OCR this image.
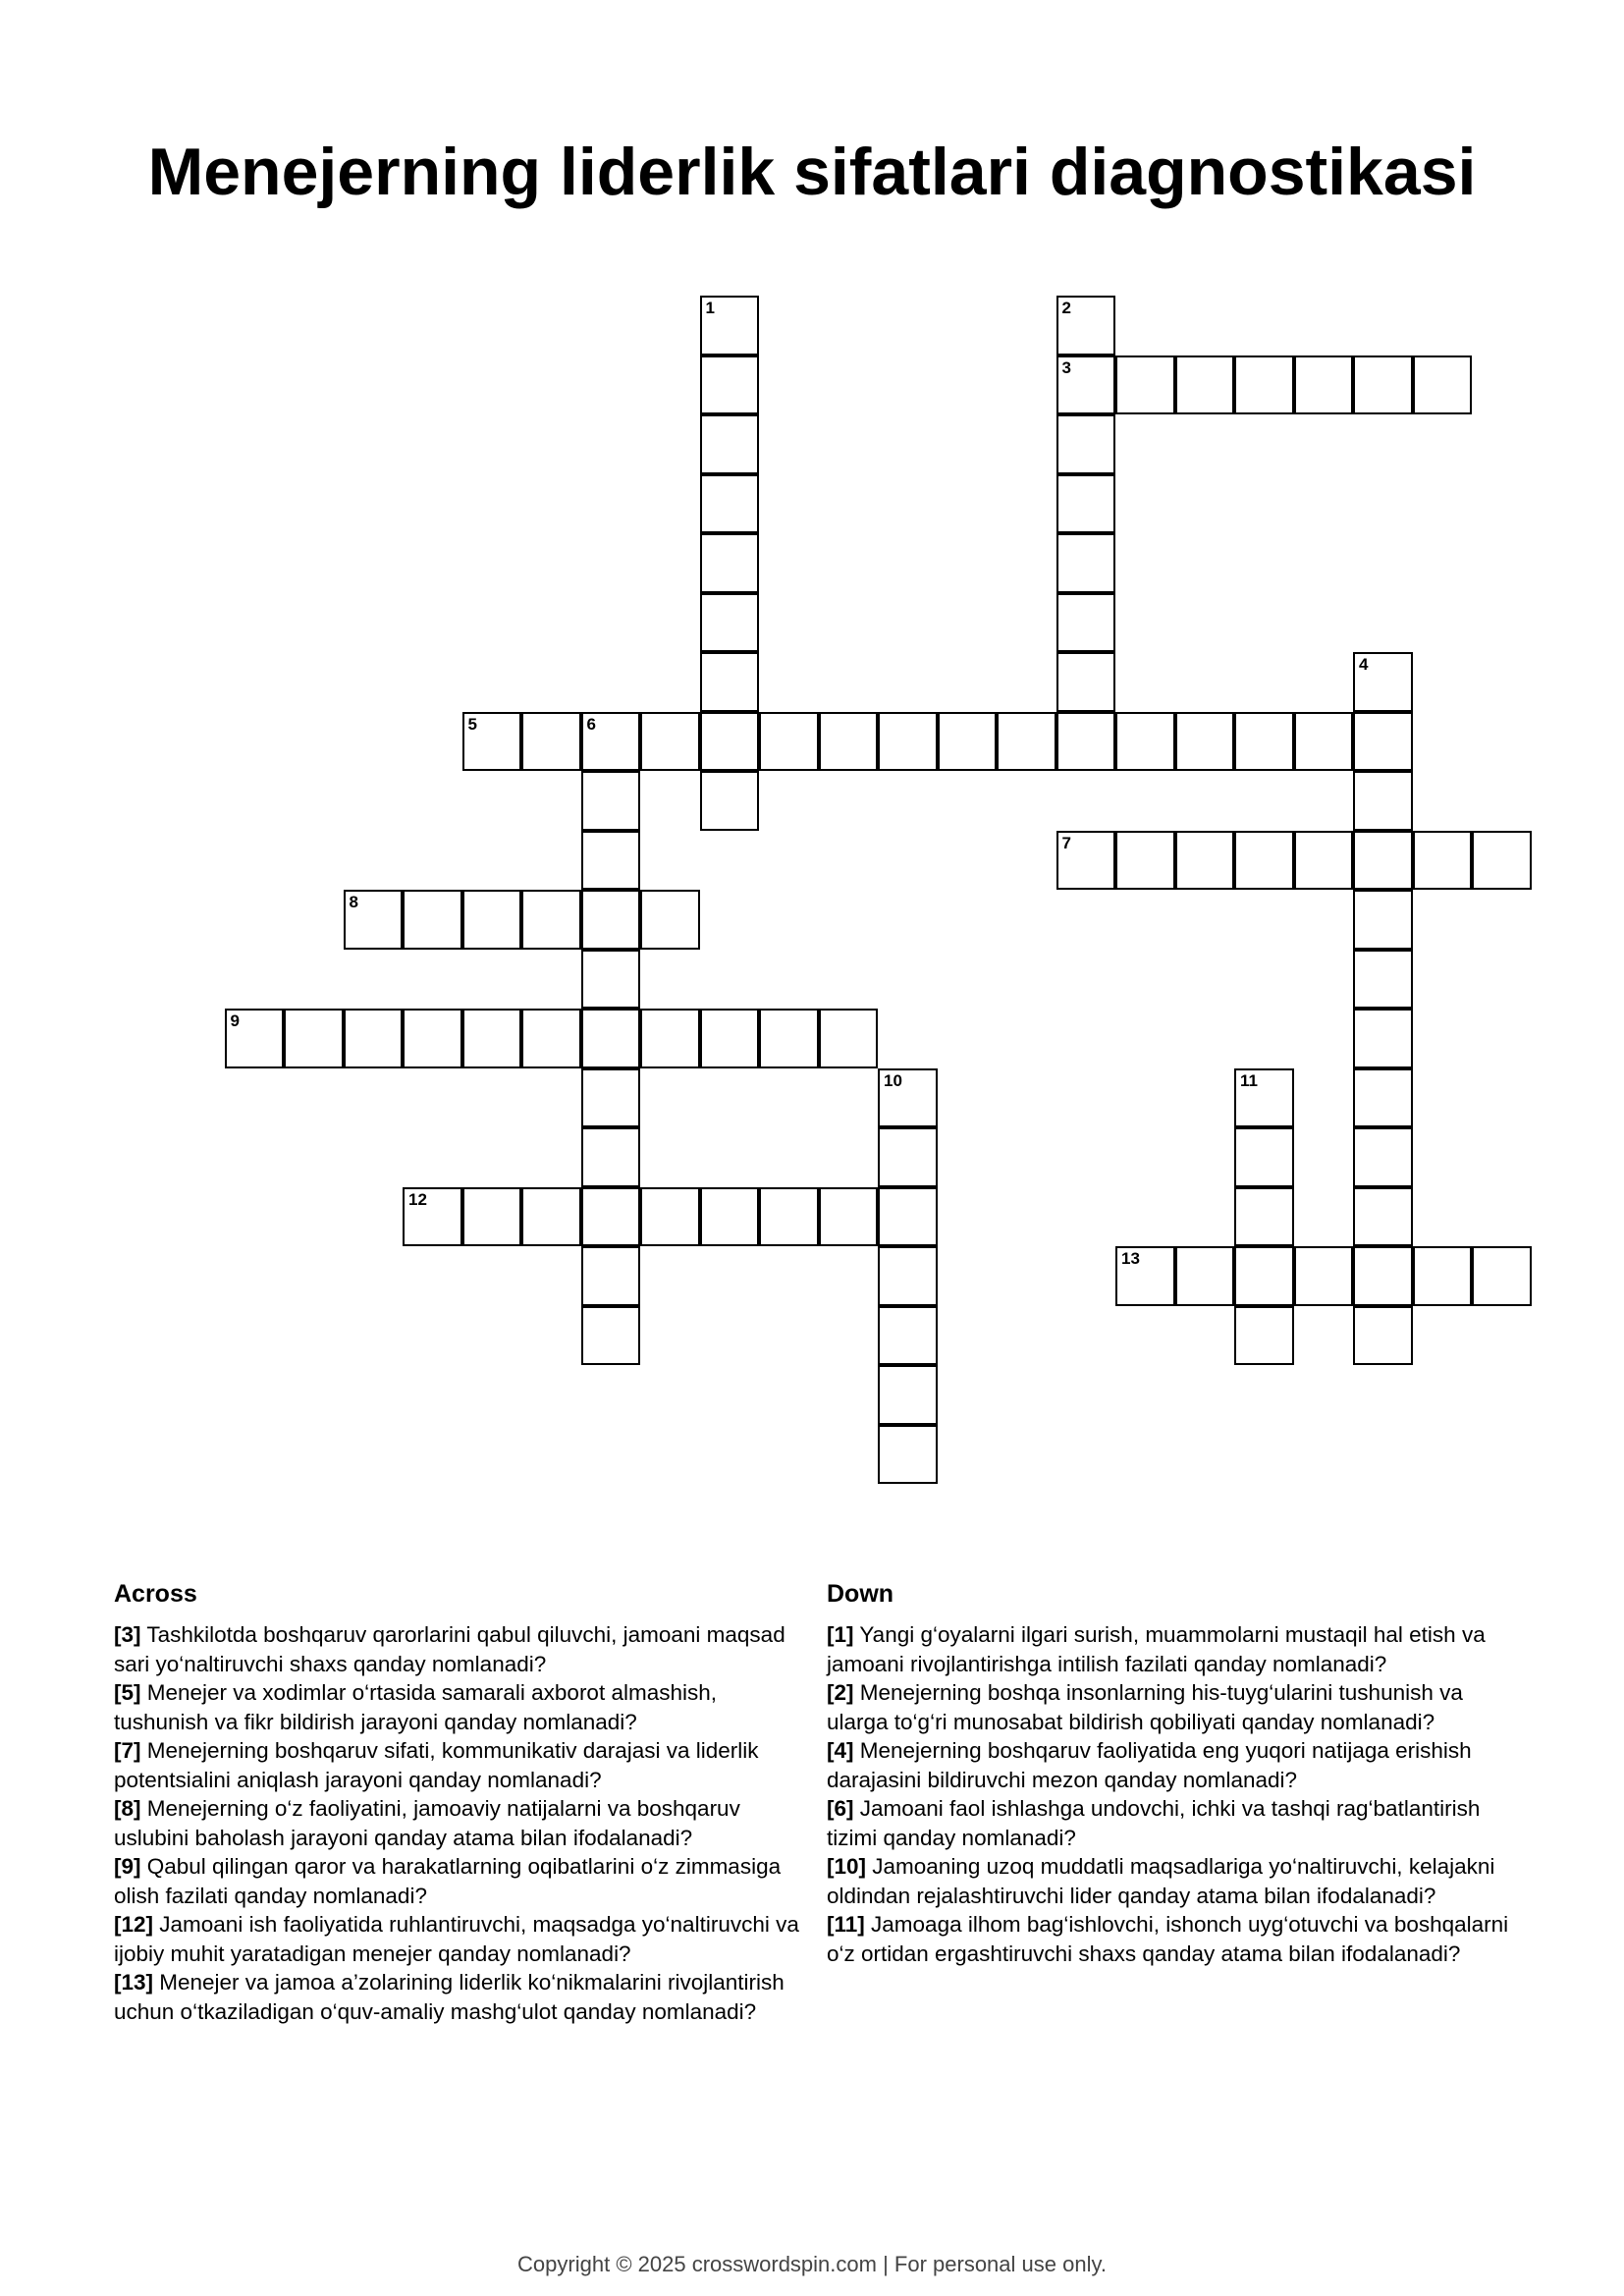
Menejerning liderlik sifatlari diagnostikasi
1	2
3
4
5	6
7
8
9
10	11
12
13
Across

[3] Tashkilotda boshqaruv qarorlarini qabul qiluvchi, jamoani maqsad sari yo‘naltiruvchi shaxs qanday nomlanadi?

[5] Menejer va xodimlar o‘rtasida samarali axborot almashish, tushunish va fikr bildirish jarayoni qanday nomlanadi?

[7] Menejerning boshqaruv sifati, kommunikativ darajasi va liderlik potentsialini aniqlash jarayoni qanday nomlanadi?

[8] Menejerning o‘z faoliyatini, jamoaviy natijalarni va boshqaruv uslubini baholash jarayoni qanday atama bilan ifodalanadi?

[9] Qabul qilingan qaror va harakatlarning oqibatlarini o‘z zimmasiga olish fazilati qanday nomlanadi?

[12] Jamoani ish faoliyatida ruhlantiruvchi, maqsadga yo‘naltiruvchi va ijobiy muhit yaratadigan menejer qanday nomlanadi?

[13] Menejer va jamoa a’zolarining liderlik ko‘nikmalarini rivojlantirish uchun o‘tkaziladigan o‘quv-amaliy mashg‘ulot qanday nomlanadi?

Down

[1] Yangi g‘oyalarni ilgari surish, muammolarni mustaqil hal etish va jamoani rivojlantirishga intilish fazilati qanday nomlanadi?

[2] Menejerning boshqa insonlarning his-tuyg‘ularini tushunish va ularga to‘g‘ri munosabat bildirish qobiliyati qanday nomlanadi?

[4] Menejerning boshqaruv faoliyatida eng yuqori natijaga erishish darajasini bildiruvchi mezon qanday nomlanadi?

[6] Jamoani faol ishlashga undovchi, ichki va tashqi rag‘batlantirish tizimi qanday nomlanadi?

[10] Jamoaning uzoq muddatli maqsadlariga yo‘naltiruvchi, kelajakni oldindan rejalashtiruvchi lider qanday atama bilan ifodalanadi?

[11] Jamoaga ilhom bag‘ishlovchi, ishonch uyg‘otuvchi va boshqalarni o‘z ortidan ergashtiruvchi shaxs qanday atama bilan ifodalanadi?

Copyright © 2025 crosswordspin.com | For personal use only.
